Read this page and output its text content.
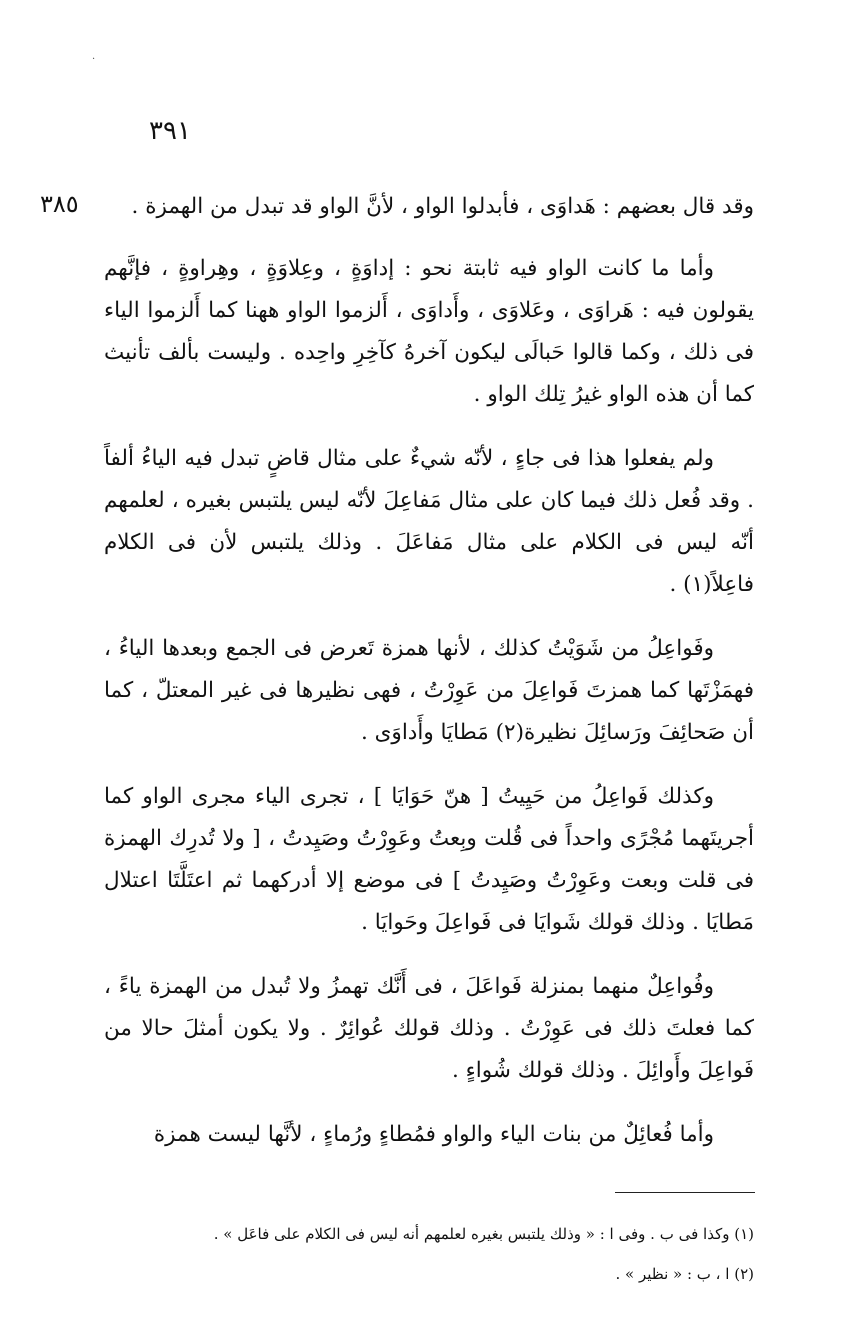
·
٣٩١
٣٨٥	وقد قال بعضهم : هَداوَى ، فأبدلوا الواو ، لأنَّ الواو قد تبدل من الهمزة .

وأما ما كانت الواو فيه ثابتة نحو : إداوَةٍ ، وعِلاوَةٍ ، وهِراوةٍ ، فإنَّهم يقولون فيه : هَراوَى ، وعَلاوَى ، وأَداوَى ، أَلزموا الواو ههنا كما أَلزموا الياء فى ذلك ، وكما قالوا حَبالَى ليكون آخرهُ كآخِرِ واحِده . وليست بألف تأنيث كما أن هذه الواو غيرُ تِلك الواو .

ولم يفعلوا هذا فى جاءٍ ، لأنّه شيءٌ على مثال قاضٍ تبدل فيه الياءُ ألفاً . وقد فُعل ذلك فيما كان على مثال مَفاعِلَ لأنّه ليس يلتبس بغيره ، لعلمهم أنّه ليس فى الكلام على مثال مَفاعَلَ . وذلك يلتبس لأن فى الكلام فاعِلاً(١) .

وفَواعِلُ من شَوَيْتُ كذلك ، لأنها همزة تَعرض فى الجمع وبعدها الياءُ ، فهمَزْتَها كما همزتَ فَواعِلَ من عَوِرْتُ ، فهى نظيرها فى غير المعتلّ ، كما أن صَحائِفَ ورَسائِلَ نظيرة(٢) مَطايَا وأَداوَى .

وكذلك فَواعِلُ من حَيِيتُ [ هنّ حَوَايَا ] ، تجرى الياء مجرى الواو كما أجريتَهما مُجْرًى واحداً فى قُلت وبِعتُ وعَوِرْتُ وصَيِدتُ ، [ ولا تُدرِك الهمزة فى قلت وبعت وعَوِرْتُ وصَيِدتُ ] فى موضع إلا أدركهما ثم اعتَلَّتَا اعتلال مَطايَا . وذلك قولك شَوايَا فى فَواعِلَ وحَوايَا .

وفُواعِلٌ منهما بمنزلة فَواعَلَ ، فى أَنَّك تهمزُ ولا تُبدل من الهمزة ياءً ، كما فعلتَ ذلك فى عَوِرْتُ . وذلك قولك عُوائِرٌ . ولا يكون أمثلَ حالا من فَواعِلَ وأَوائِلَ . وذلك قولك شُواءٍ .

وأما فُعائِلٌ من بنات الياء والواو فمُطاءٍ ورُماءٍ ، لأنَّها ليست همزة

(١) وكذا فى ب . وفى ا : « وذلك يلتبس بغيره لعلمهم أنه ليس فى الكلام على فاعَل » .

(٢) ا ، ب : « نظير » .
